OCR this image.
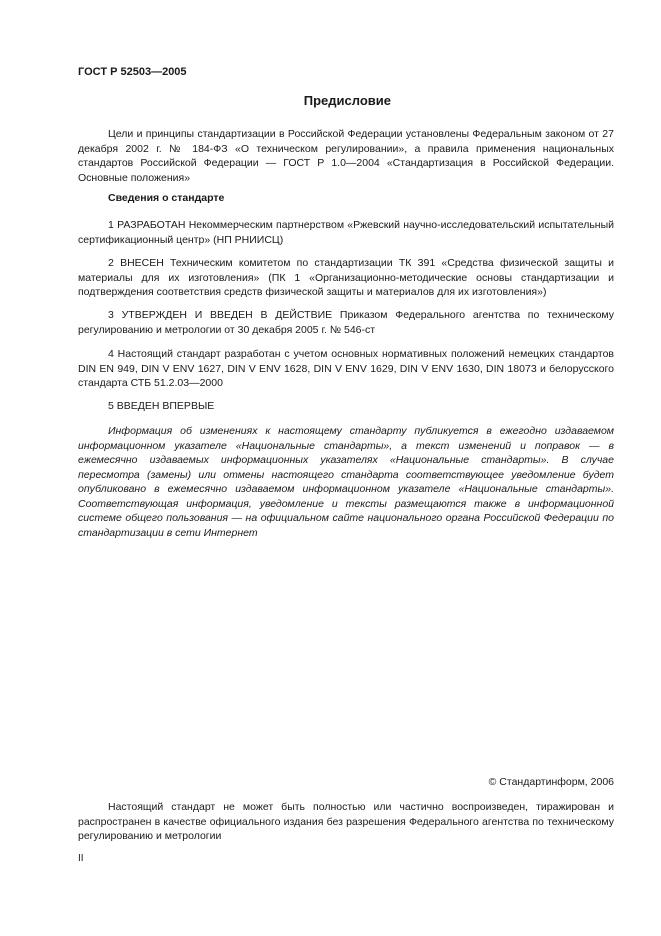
ГОСТ Р 52503—2005

Предисловие

Цели и принципы стандартизации в Российской Федерации установлены Федеральным законом от 27 декабря 2002 г. № 184-ФЗ «О техническом регулировании», а правила применения национальных стандартов Российской Федерации — ГОСТ Р 1.0—2004 «Стандартизация в Российской Федерации. Основные положения»

Сведения о стандарте

1 РАЗРАБОТАН Некоммерческим партнерством «Ржевский научно-исследовательский испытательный сертификационный центр» (НП РНИИСЦ)

2 ВНЕСЕН Техническим комитетом по стандартизации ТК 391 «Средства физической защиты и материалы для их изготовления» (ПК 1 «Организационно-методические основы стандартизации и подтверждения соответствия средств физической защиты и материалов для их изготовления»)

3 УТВЕРЖДЕН И ВВЕДЕН В ДЕЙСТВИЕ Приказом Федерального агентства по техническому регулированию и метрологии от 30 декабря 2005 г. № 546-ст

4 Настоящий стандарт разработан с учетом основных нормативных положений немецких стандартов DIN EN 949, DIN V ENV 1627, DIN V ENV 1628, DIN V ENV 1629, DIN V ENV 1630, DIN 18073 и белорусского стандарта СТБ 51.2.03—2000

5 ВВЕДЕН ВПЕРВЫЕ

Информация об изменениях к настоящему стандарту публикуется в ежегодно издаваемом информационном указателе «Национальные стандарты», а текст изменений и поправок — в ежемесячно издаваемых информационных указателях «Национальные стандарты». В случае пересмотра (замены) или отмены настоящего стандарта соответствующее уведомление будет опубликовано в ежемесячно издаваемом информационном указателе «Национальные стандарты». Соответствующая информация, уведомление и тексты размещаются также в информационной системе общего пользования — на официальном сайте национального органа Российской Федерации по стандартизации в сети Интернет

© Стандартинформ, 2006

Настоящий стандарт не может быть полностью или частично воспроизведен, тиражирован и распространен в качестве официального издания без разрешения Федерального агентства по техническому регулированию и метрологии

II
